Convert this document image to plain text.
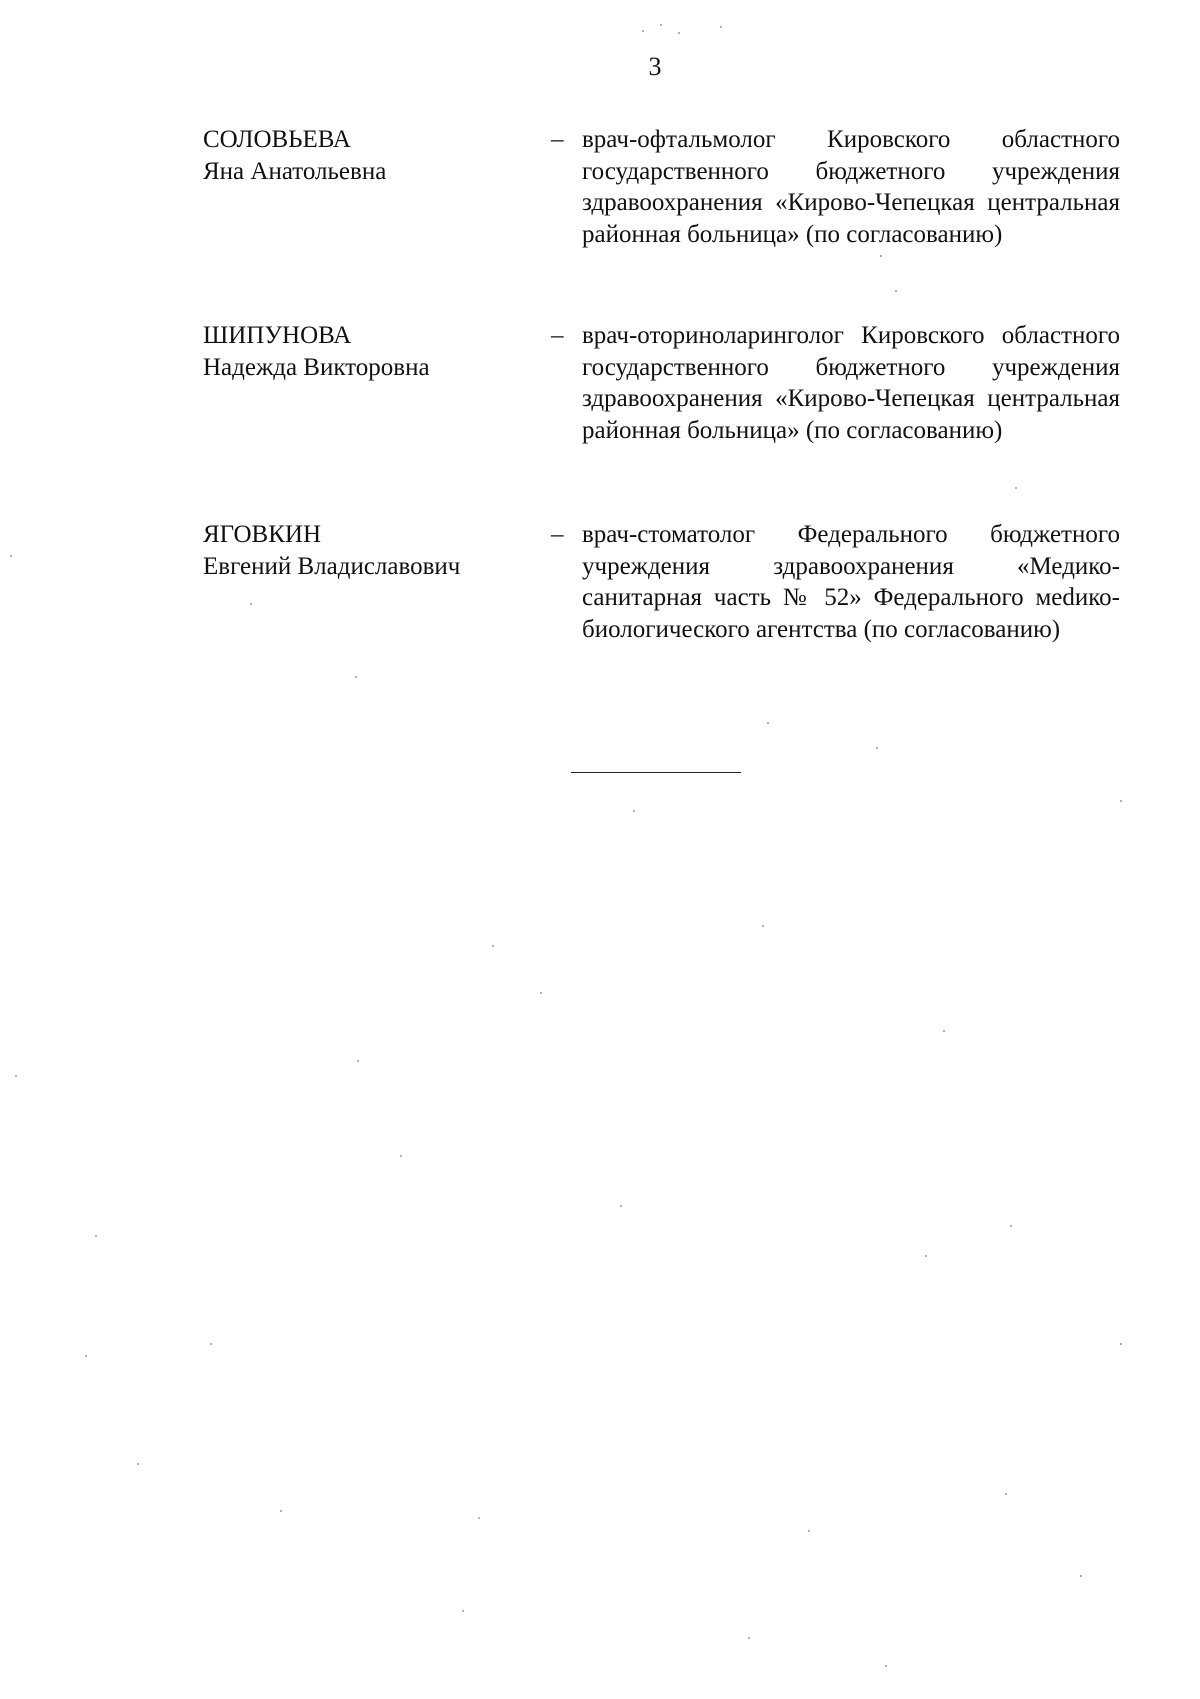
3
СОЛОВЬЕВА
Яна Анатольевна
– врач-офтальмолог Кировского областного государственного бюджетного учреждения здравоохранения «Кирово-Чепецкая центральная районная больница» (по согласованию)
ШИПУНОВА
Надежда Викторовна
– врач-оториноларинголог Кировского областного государственного бюджетного учреждения здравоохранения «Кирово-Чепецкая центральная районная больница» (по согласованию)
ЯГОВКИН
Евгений Владиславович
– врач-стоматолог Федерального бюджетного учреждения здравоохранения «Медико-санитарная часть № 52» Федерального меdико-биологического агентства (по согласованию)
